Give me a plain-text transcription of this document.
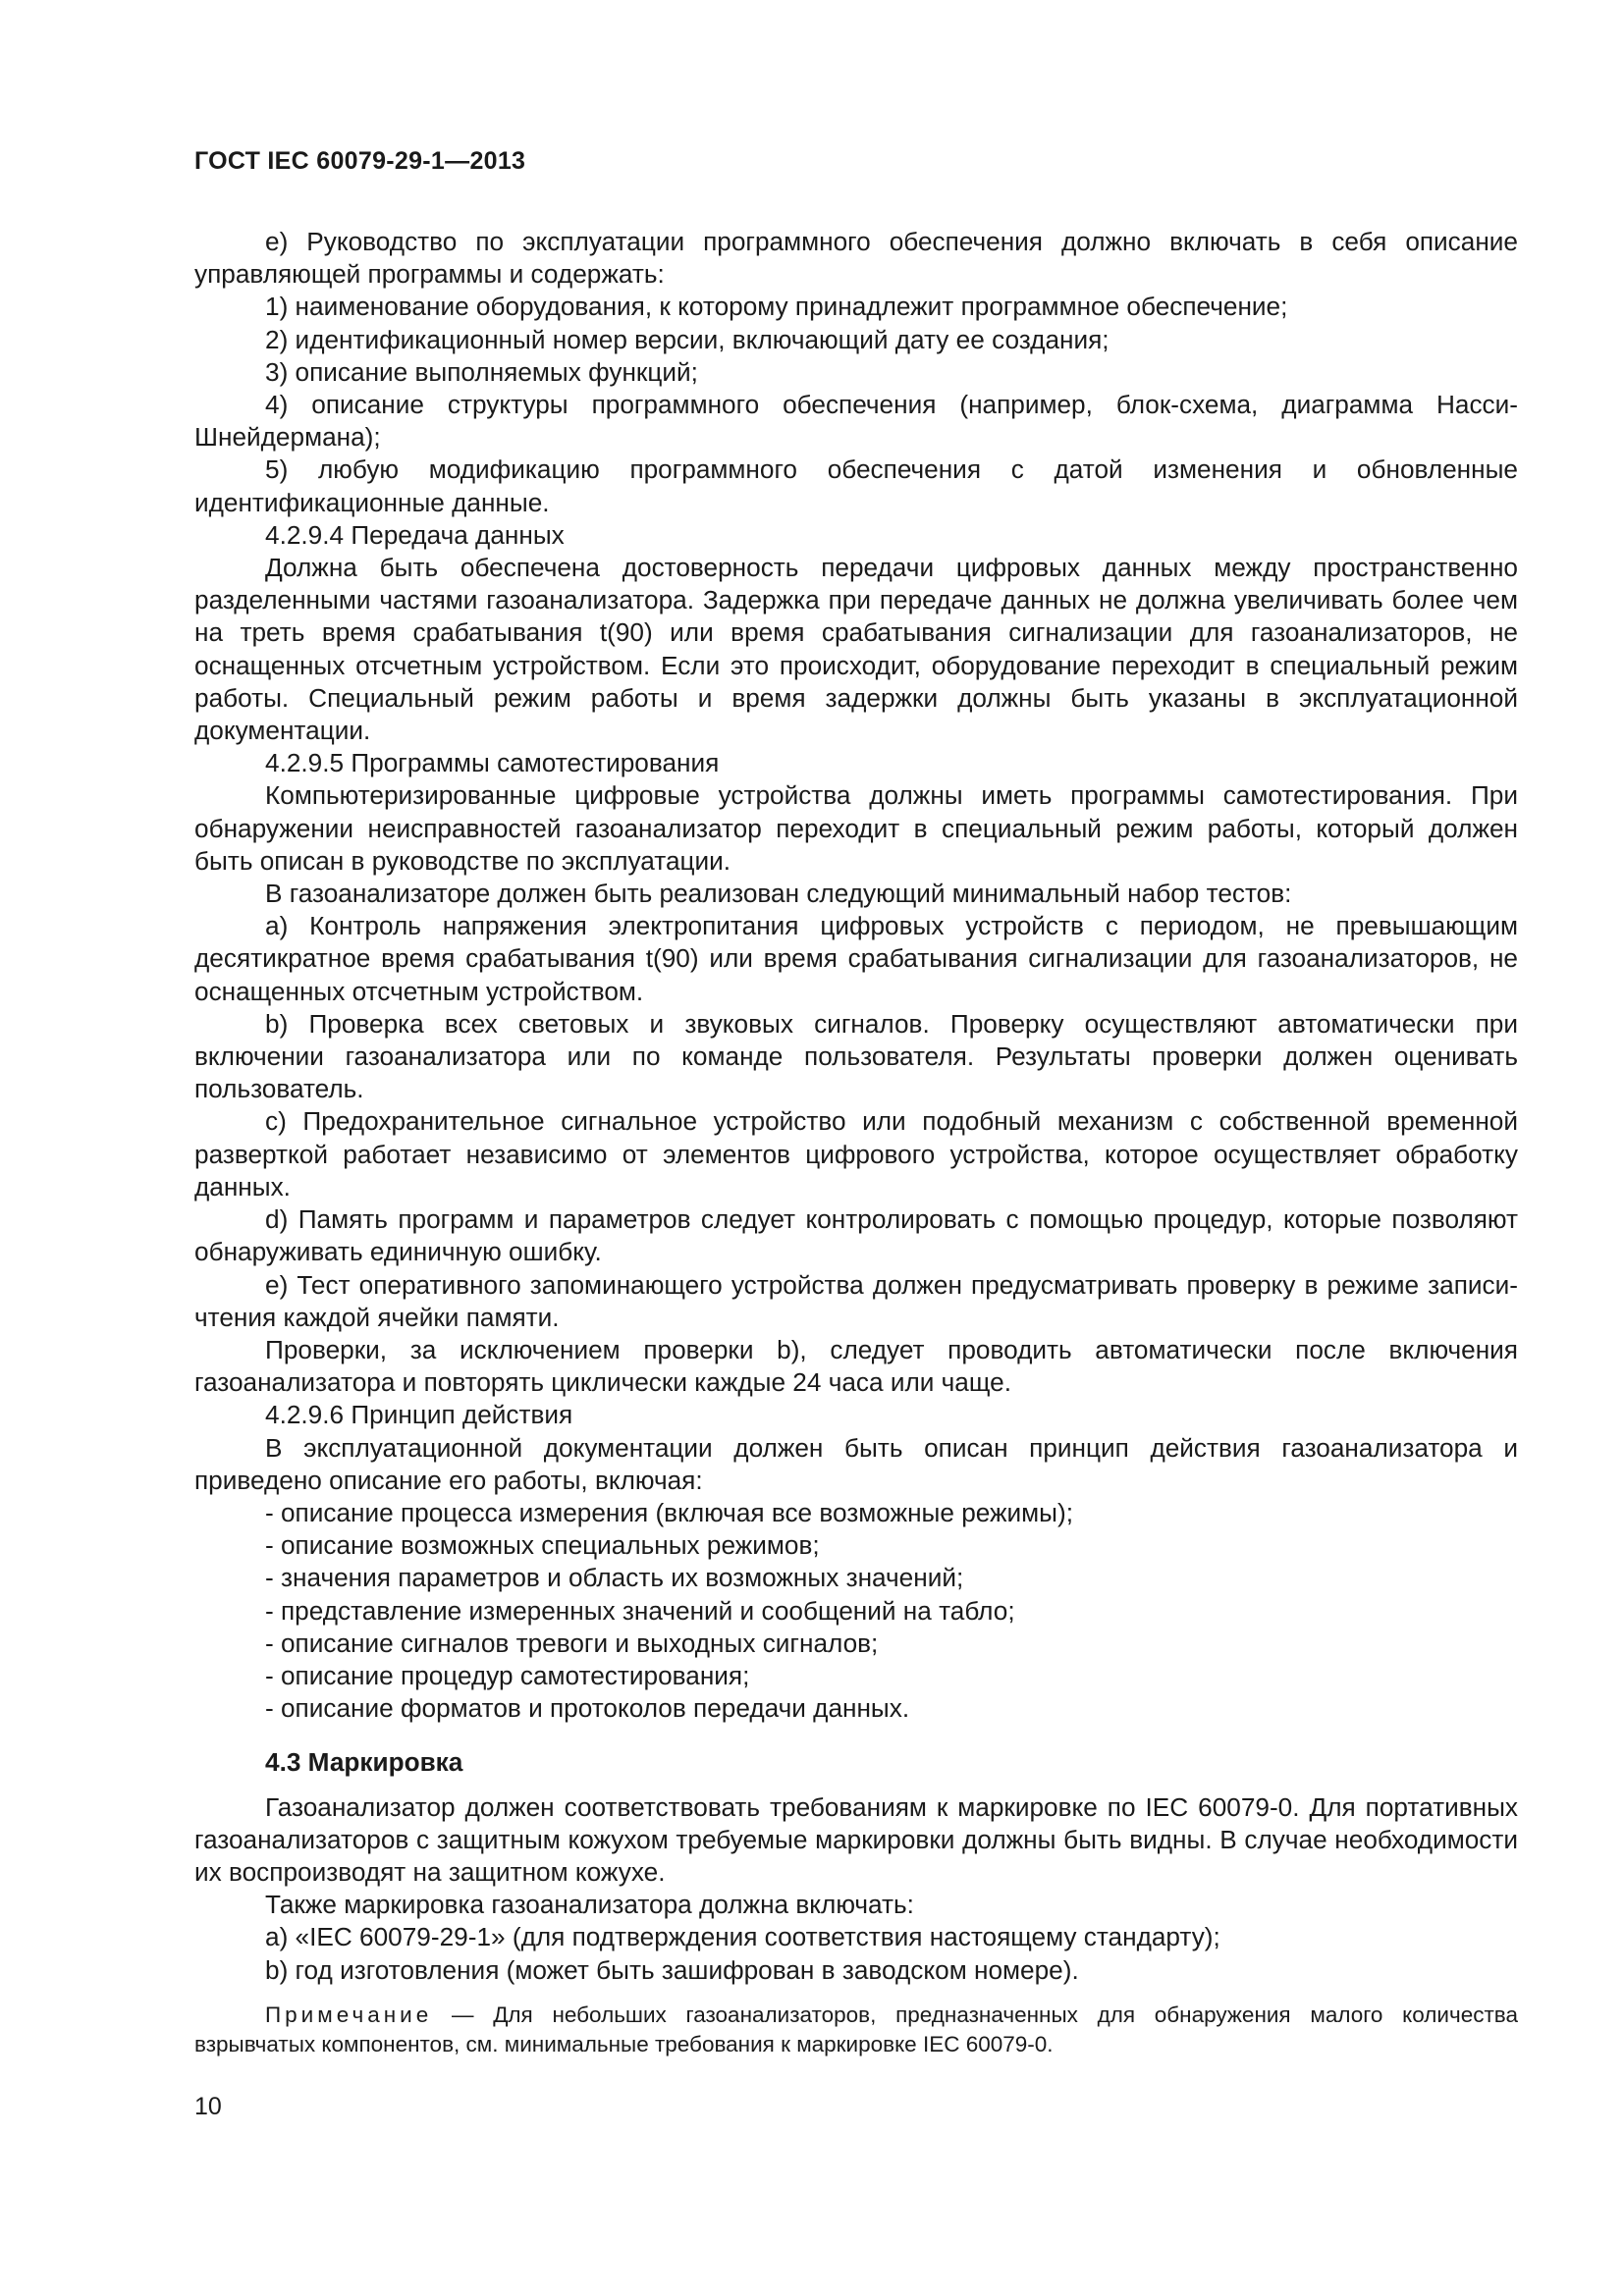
ГОСТ IEC 60079-29-1—2013

e) Руководство по эксплуатации программного обеспечения должно включать в себя описание управляющей программы и содержать:

1) наименование оборудования, к которому принадлежит программное обеспечение;

2) идентификационный номер версии, включающий дату ее создания;

3) описание выполняемых функций;

4) описание структуры программного обеспечения (например, блок-схема, диаграмма Насси-Шнейдермана);

5) любую модификацию программного обеспечения с датой изменения и обновленные идентификационные данные.

4.2.9.4 Передача данных

Должна быть обеспечена достоверность передачи цифровых данных между пространственно разделенными частями газоанализатора. Задержка при передаче данных не должна увеличивать более чем на треть время срабатывания t(90) или время срабатывания сигнализации для газоанализаторов, не оснащенных отсчетным устройством. Если это происходит, оборудование переходит в специальный режим работы. Специальный режим работы и время задержки должны быть указаны в эксплуатационной документации.

4.2.9.5 Программы самотестирования

Компьютеризированные цифровые устройства должны иметь программы самотестирования. При обнаружении неисправностей газоанализатор переходит в специальный режим работы, который должен быть описан в руководстве по эксплуатации.

В газоанализаторе должен быть реализован следующий минимальный набор тестов:

a) Контроль напряжения электропитания цифровых устройств с периодом, не превышающим десятикратное время срабатывания t(90) или время срабатывания сигнализации для газоанализаторов, не оснащенных отсчетным устройством.

b) Проверка всех световых и звуковых сигналов. Проверку осуществляют автоматически при включении газоанализатора или по команде пользователя. Результаты проверки должен оценивать пользователь.

c) Предохранительное сигнальное устройство или подобный механизм с собственной временной разверткой работает независимо от элементов цифрового устройства, которое осуществляет обработку данных.

d) Память программ и параметров следует контролировать с помощью процедур, которые позволяют обнаруживать единичную ошибку.

e) Тест оперативного запоминающего устройства должен предусматривать проверку в режиме записи-чтения каждой ячейки памяти.

Проверки, за исключением проверки b), следует проводить автоматически после включения газоанализатора и повторять циклически каждые 24 часа или чаще.

4.2.9.6 Принцип действия

В эксплуатационной документации должен быть описан принцип действия газоанализатора и приведено описание его работы, включая:

- описание процесса измерения (включая все возможные режимы);

- описание возможных специальных режимов;

- значения параметров и область их возможных значений;

- представление измеренных значений и сообщений на табло;

- описание сигналов тревоги и выходных сигналов;

- описание процедур самотестирования;

- описание форматов и протоколов передачи данных.

4.3 Маркировка

Газоанализатор должен соответствовать требованиям к маркировке по IEC 60079-0. Для портативных газоанализаторов с защитным кожухом требуемые маркировки должны быть видны. В случае необходимости их воспроизводят на защитном кожухе.

Также маркировка газоанализатора должна включать:

a) «IEC 60079-29-1» (для подтверждения соответствия настоящему стандарту);

b) год изготовления (может быть зашифрован в заводском номере).

Примечание — Для небольших газоанализаторов, предназначенных для обнаружения малого количества взрывчатых компонентов, см. минимальные требования к маркировке IEC 60079-0.
10
